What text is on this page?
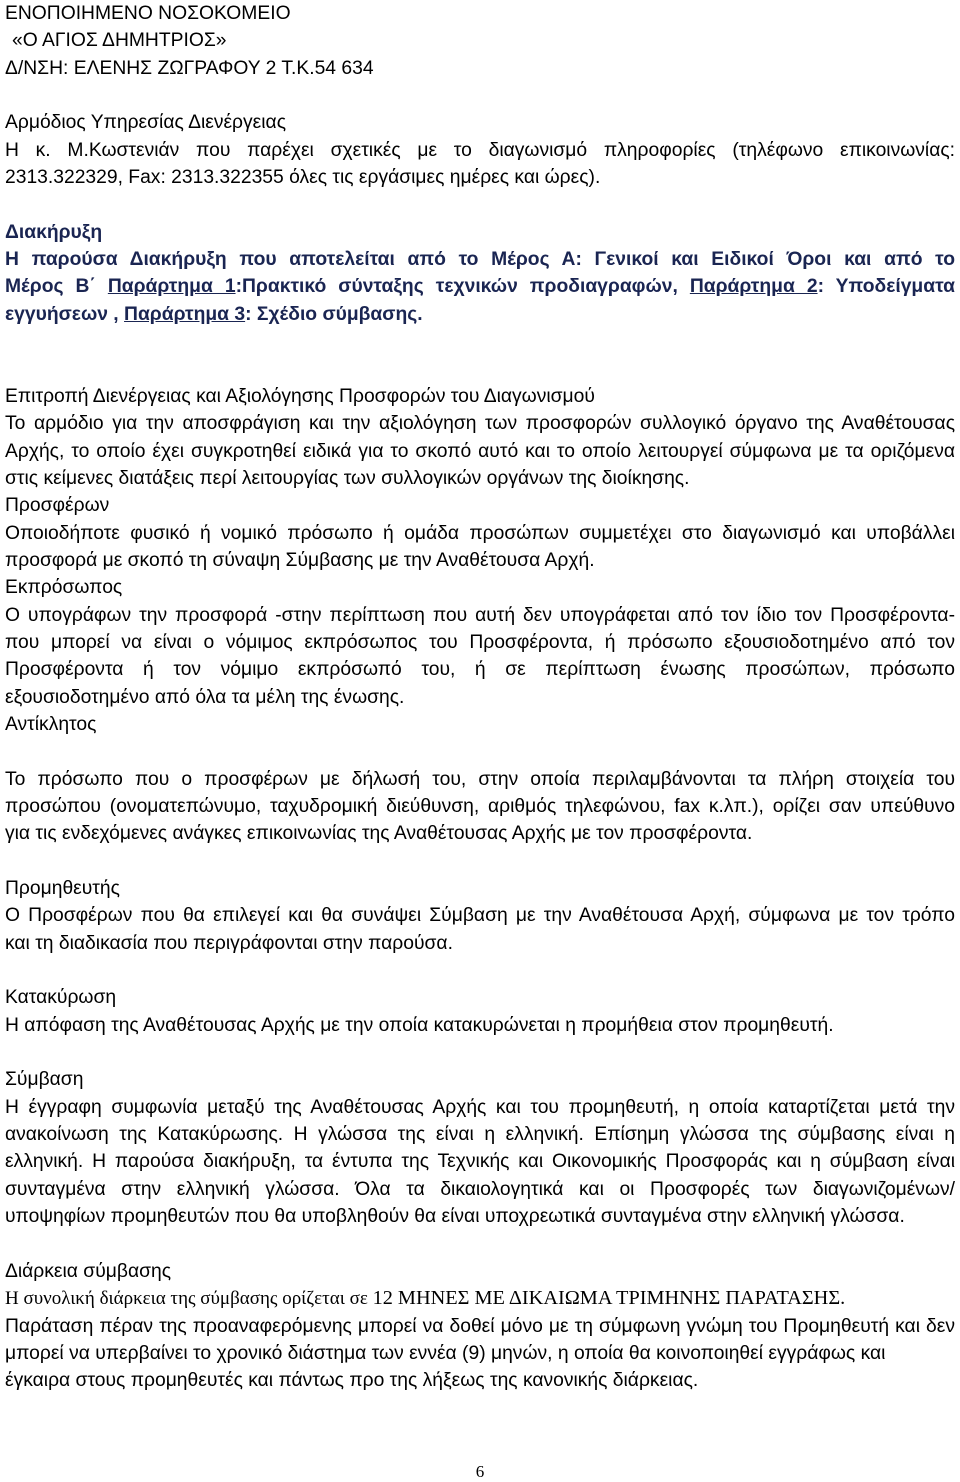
ΕΝΟΠΟΙΗΜΕΝΟ ΝΟΣΟΚΟΜΕΙΟ
«Ο ΑΓΙΟΣ ΔΗΜΗΤΡΙΟΣ»
Δ/ΝΣΗ: ΕΛΕΝΗΣ ΖΩΓΡΑΦΟΥ 2 Τ.Κ.54 634
Αρμόδιος Υπηρεσίας Διενέργειας
Η κ. Μ.Κωστενιάν που παρέχει σχετικές με το διαγωνισμό πληροφορίες (τηλέφωνο επικοινωνίας:
2313.322329, Fax: 2313.322355 όλες τις εργάσιμες ημέρες και ώρες).
Διακήρυξη
Η παρούσα Διακήρυξη που αποτελείται από το Μέρος Α: Γενικοί και Ειδικοί Όροι και από το
Μέρος Β΄ Παράρτημα 1:Πρακτικό σύνταξης τεχνικών προδιαγραφών, Παράρτημα 2: Υποδείγματα
εγγυήσεων , Παράρτημα 3: Σχέδιο σύμβασης.
Επιτροπή Διενέργειας και Αξιολόγησης Προσφορών του Διαγωνισμού
Το αρμόδιο για την αποσφράγιση και την αξιολόγηση των προσφορών συλλογικό όργανο της Αναθέτουσας
Αρχής, το οποίο έχει συγκροτηθεί ειδικά για το σκοπό αυτό και το οποίο λειτουργεί σύμφωνα με τα οριζόμενα
στις κείμενες διατάξεις περί λειτουργίας των συλλογικών οργάνων της διοίκησης.
Προσφέρων
Οποιοδήποτε φυσικό ή νομικό πρόσωπο ή ομάδα προσώπων συμμετέχει στο διαγωνισμό και υποβάλλει
προσφορά με σκοπό τη σύναψη Σύμβασης με την Αναθέτουσα Αρχή.
Εκπρόσωπος
Ο υπογράφων την προσφορά -στην περίπτωση που αυτή δεν υπογράφεται από τον ίδιο τον Προσφέροντα-
που μπορεί να είναι ο νόμιμος εκπρόσωπος του Προσφέροντα, ή πρόσωπο εξουσιοδοτημένο από τον
Προσφέροντα ή τον νόμιμο εκπρόσωπό του, ή σε περίπτωση ένωσης προσώπων, πρόσωπο
εξουσιοδοτημένο από όλα τα μέλη της ένωσης.
Αντίκλητος
Το πρόσωπο που ο προσφέρων με δήλωσή του, στην οποία περιλαμβάνονται τα πλήρη στοιχεία του
προσώπου (ονοματεπώνυμο, ταχυδρομική διεύθυνση, αριθμός τηλεφώνου, fax κ.λπ.), ορίζει σαν υπεύθυνο
για τις ενδεχόμενες ανάγκες επικοινωνίας της Αναθέτουσας Αρχής με τον προσφέροντα.
Προμηθευτής
Ο Προσφέρων που θα επιλεγεί και θα συνάψει Σύμβαση με την Αναθέτουσα Αρχή, σύμφωνα με τον τρόπο
και τη διαδικασία που περιγράφονται στην παρούσα.
Κατακύρωση
Η απόφαση της Αναθέτουσας Αρχής με την οποία κατακυρώνεται η προμήθεια στον προμηθευτή.
Σύμβαση
Η έγγραφη συμφωνία μεταξύ της Αναθέτουσας Αρχής και του προμηθευτή, η οποία καταρτίζεται μετά την
ανακοίνωση της Κατακύρωσης. Η γλώσσα της είναι η ελληνική. Επίσημη γλώσσα της σύμβασης είναι η
ελληνική. Η παρούσα διακήρυξη, τα έντυπα της Τεχνικής και Οικονομικής Προσφοράς και η σύμβαση είναι
συνταγμένα στην ελληνική γλώσσα. Όλα τα δικαιολογητικά και οι Προσφορές των διαγωνιζομένων/
υποψηφίων προμηθευτών που θα υποβληθούν θα είναι υποχρεωτικά συνταγμένα στην ελληνική γλώσσα.
Διάρκεια σύμβασης
Η συνολική διάρκεια της σύμβασης ορίζεται σε 12 ΜΗΝΕΣ ΜΕ ΔΙΚΑΙΩΜΑ ΤΡΙΜΗΝΗΣ ΠΑΡΑΤΑΣΗΣ.
Παράταση πέραν της προαναφερόμενης μπορεί να δοθεί μόνο με τη σύμφωνη γνώμη του Προμηθευτή και δεν
μπορεί να υπερβαίνει το χρονικό διάστημα των εννέα (9) μηνών, η οποία θα κοινοποιηθεί εγγράφως και
έγκαιρα στους προμηθευτές και πάντως προ της λήξεως της κανονικής διάρκειας.
6
